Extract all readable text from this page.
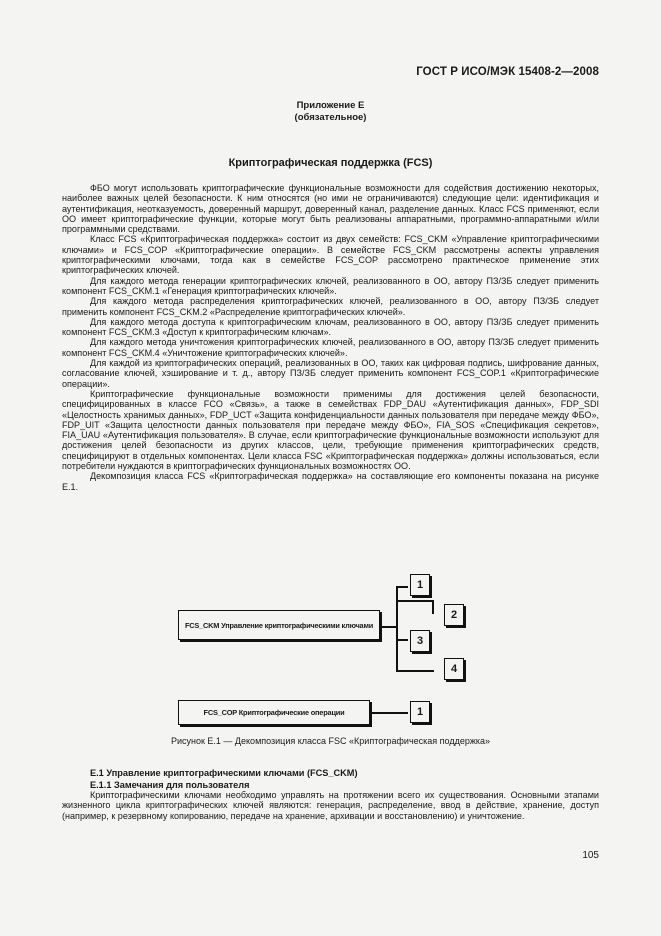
ГОСТ Р ИСО/МЭК 15408-2—2008
Приложение E
(обязательное)
Криптографическая поддержка (FCS)

ФБО могут использовать криптографические функциональные возможности для содействия достижению некоторых, наиболее важных целей безопасности. К ним относятся (но ими не ограничиваются) следующие цели: идентификация и аутентификация, неотказуемость, доверенный маршрут, доверенный канал, разделение данных. Класс FCS применяют, если ОО имеет криптографические функции, которые могут быть реализованы аппаратными, программно-аппаратными и/или программными средствами.

Класс FCS «Криптографическая поддержка» состоит из двух семейств: FCS_CKM «Управление криптографическими ключами» и FCS_COP «Криптографические операции». В семействе FCS_CKM рассмотрены аспекты управления криптографическими ключами, тогда как в семействе FCS_COP рассмотрено практическое применение этих криптографических ключей.

Для каждого метода генерации криптографических ключей, реализованного в ОО, автору ПЗ/ЗБ следует применить компонент FCS_CKM.1 «Генерация криптографических ключей».

Для каждого метода распределения криптографических ключей, реализованного в ОО, автору ПЗ/ЗБ следует применить компонент FCS_CKM.2 «Распределение криптографических ключей».

Для каждого метода доступа к криптографическим ключам, реализованного в ОО, автору ПЗ/ЗБ следует применить компонент FCS_CKM.3 «Доступ к криптографическим ключам».

Для каждого метода уничтожения криптографических ключей, реализованного в ОО, автору ПЗ/ЗБ следует применить компонент FCS_CKM.4 «Уничтожение криптографических ключей».

Для каждой из криптографических операций, реализованных в ОО, таких как цифровая подпись, шифрование данных, согласование ключей, хэширование и т. д., автору ПЗ/ЗБ следует применить компонент FCS_COP.1 «Криптографические операции».

Криптографические функциональные возможности применимы для достижения целей безопасности, специфицированных в классе FCO «Связь», а также в семействах FDP_DAU «Аутентификация данных», FDP_SDI «Целостность хранимых данных», FDP_UCT «Защита конфиденциальности данных пользователя при передаче между ФБО», FDP_UIT «Защита целостности данных пользователя при передаче между ФБО», FIA_SOS «Спецификация секретов», FIA_UAU «Аутентификация пользователя». В случае, если криптографические функциональные возможности используют для достижения целей безопасности из других классов, цели, требующие применения криптографических средств, специфицируют в отдельных компонентах. Цели класса FSC «Криптографическая поддержка» должны использоваться, если потребители нуждаются в криптографических функциональных возможностях ОО.

Декомпозиция класса FCS «Криптографическая поддержка» на составляющие его компоненты показана на рисунке E.1.

FCS_CKM Управление криптографическими ключами
FCS_COP Криптографические операции
1
2
3
4
1
Рисунок E.1 — Декомпозиция класса FSC «Криптографическая поддержка»
E.1 Управление криптографическими ключами (FCS_CKM)
E.1.1 Замечания для пользователя

Криптографическими ключами необходимо управлять на протяжении всего их существования. Основными этапами жизненного цикла криптографических ключей являются: генерация, распределение, ввод в действие, хранение, доступ (например, к резервному копированию, передаче на хранение, архивации и восстановлению) и уничтожение.

105
